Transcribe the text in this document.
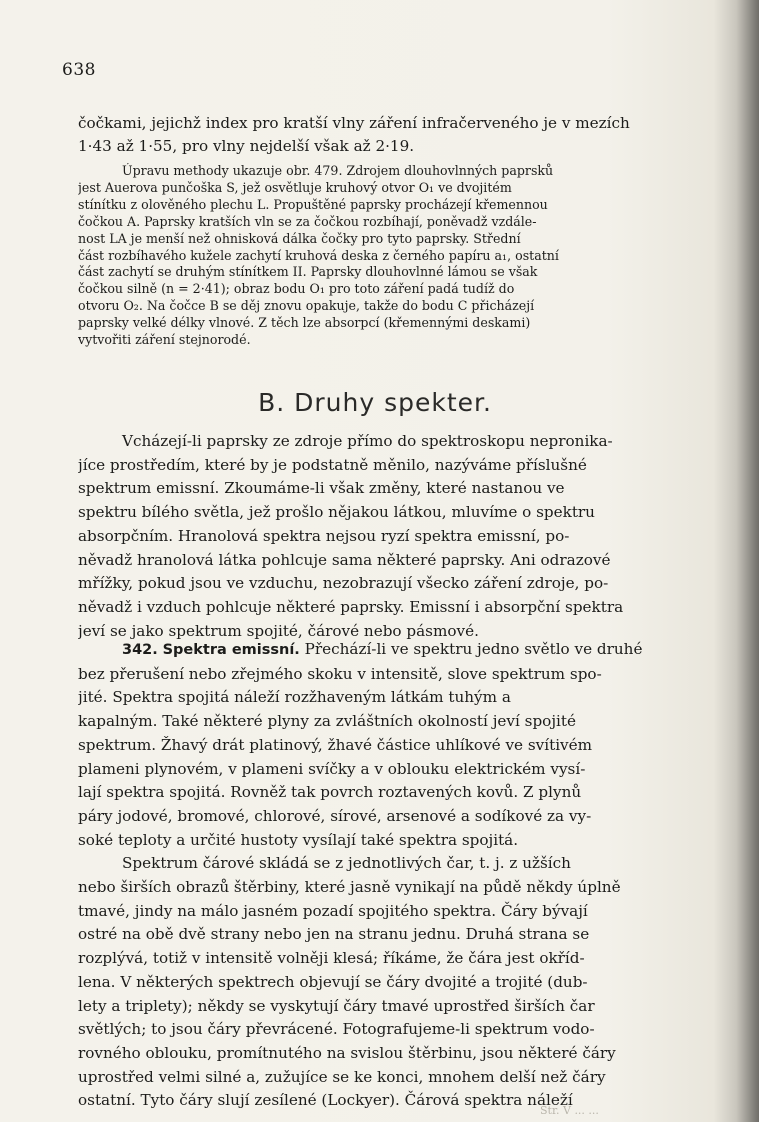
638
čočkami, jejichž index pro kratší vlny záření infračerveného je v mezích
1·43 až 1·55, pro vlny nejdelší však až 2·19.
Úpravu methody ukazuje obr. 479. Zdrojem dlouhovlnných paprsků
jest Auerova punčoška S, jež osvětluje kruhový otvor O₁ ve dvojitém
stínítku z olověného plechu L. Propuštěné paprsky procházejí křemennou
čočkou A. Paprsky kratších vln se za čočkou rozbíhají, poněvadž vzdále-
nost LA je menší než ohnisková dálka čočky pro tyto paprsky. Střední
část rozbíhavého kužele zachytí kruhová deska z černého papíru a₁, ostatní
část zachytí se druhým stínítkem II. Paprsky dlouhovlnné lámou se však
čočkou silně (n = 2·41); obraz bodu O₁ pro toto záření padá tudíž do
otvoru O₂. Na čočce B se děj znovu opakuje, takže do bodu C přicházejí
paprsky velké délky vlnové. Z těch lze absorpcí (křemennými deskami)
vytvořiti záření stejnorodé.
B. Druhy spekter.
Vcházejí-li paprsky ze zdroje přímo do spektroskopu nepronika-
jíce prostředím, které by je podstatně měnilo, nazýváme příslušné
spektrum emissní. Zkoumáme-li však změny, které nastanou ve
spektru bílého světla, jež prošlo nějakou látkou, mluvíme o spektru
absorpčním. Hranolová spektra nejsou ryzí spektra emissní, po-
něvadž hranolová látka pohlcuje sama některé paprsky. Ani odrazové
mřížky, pokud jsou ve vzduchu, nezobrazují všecko záření zdroje, po-
něvadž i vzduch pohlcuje některé paprsky. Emissní i absorpční spektra
jeví se jako spektrum spojité, čárové nebo pásmové.
342. Spektra emissní. Přechází-li ve spektru jedno světlo ve druhé
bez přerušení nebo zřejmého skoku v intensitě, slove spektrum spo-
jité. Spektra spojitá náleží rozžhaveným látkám tuhým a
kapalným. Také některé plyny za zvláštních okolností jeví spojité
spektrum. Žhavý drát platinový, žhavé částice uhlíkové ve svítivém
plameni plynovém, v plameni svíčky a v oblouku elektrickém vysí-
lají spektra spojitá. Rovněž tak povrch roztavených kovů. Z plynů
páry jodové, bromové, chlorové, sírové, arsenové a sodíkové za vy-
soké teploty a určité hustoty vysílají také spektra spojitá.
Spektrum čárové skládá se z jednotlivých čar, t. j. z užších
nebo širších obrazů štěrbiny, které jasně vynikají na půdě někdy úplně
tmavé, jindy na málo jasném pozadí spojitého spektra. Čáry bývají
ostré na obě dvě strany nebo jen na stranu jednu. Druhá strana se
rozplývá, totiž v intensitě volněji klesá; říkáme, že čára jest okříd-
lena. V některých spektrech objevují se čáry dvojité a trojité (dub-
lety a triplety); někdy se vyskytují čáry tmavé uprostřed širších čar
světlých; to jsou čáry převrácené. Fotografujeme-li spektrum vodo-
rovného oblouku, promítnutého na svislou štěrbinu, jsou některé čáry
uprostřed velmi silné a, zužujíce se ke konci, mnohem delší než čáry
ostatní. Tyto čáry slují zesílené (Lockyer). Čárová spektra náleží
Str. V ... ...
